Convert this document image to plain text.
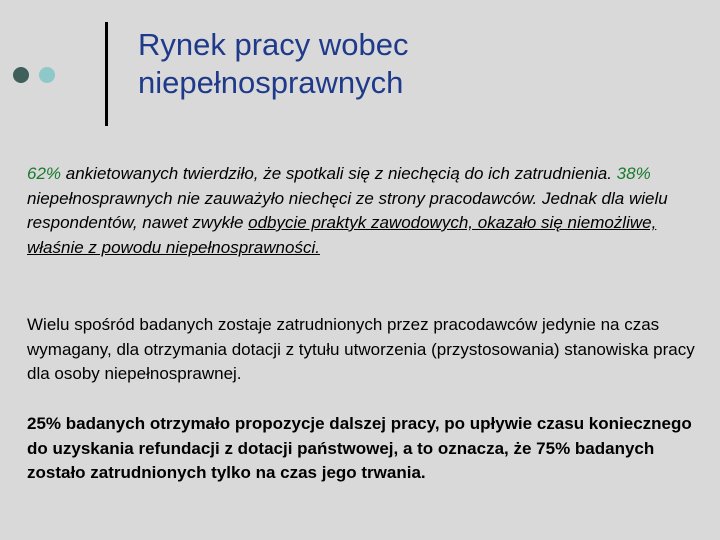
Rynek pracy wobec
niepełnosprawnych

62% ankietowanych twierdziło, że spotkali się z niechęcią do ich zatrudnienia. 38% niepełnosprawnych nie zauważyło niechęci ze strony pracodawców. Jednak dla wielu respondentów, nawet zwykłe odbycie praktyk zawodowych, okazało się niemożliwe, właśnie z powodu niepełnosprawności.

Wielu spośród badanych zostaje zatrudnionych przez pracodawców jedynie na czas wymagany, dla otrzymania dotacji z tytułu utworzenia (przystosowania) stanowiska pracy dla osoby niepełnosprawnej.

25% badanych otrzymało propozycje dalszej pracy, po upływie czasu koniecznego do uzyskania refundacji z dotacji państwowej, a to oznacza, że 75% badanych zostało zatrudnionych tylko na czas jego trwania.
